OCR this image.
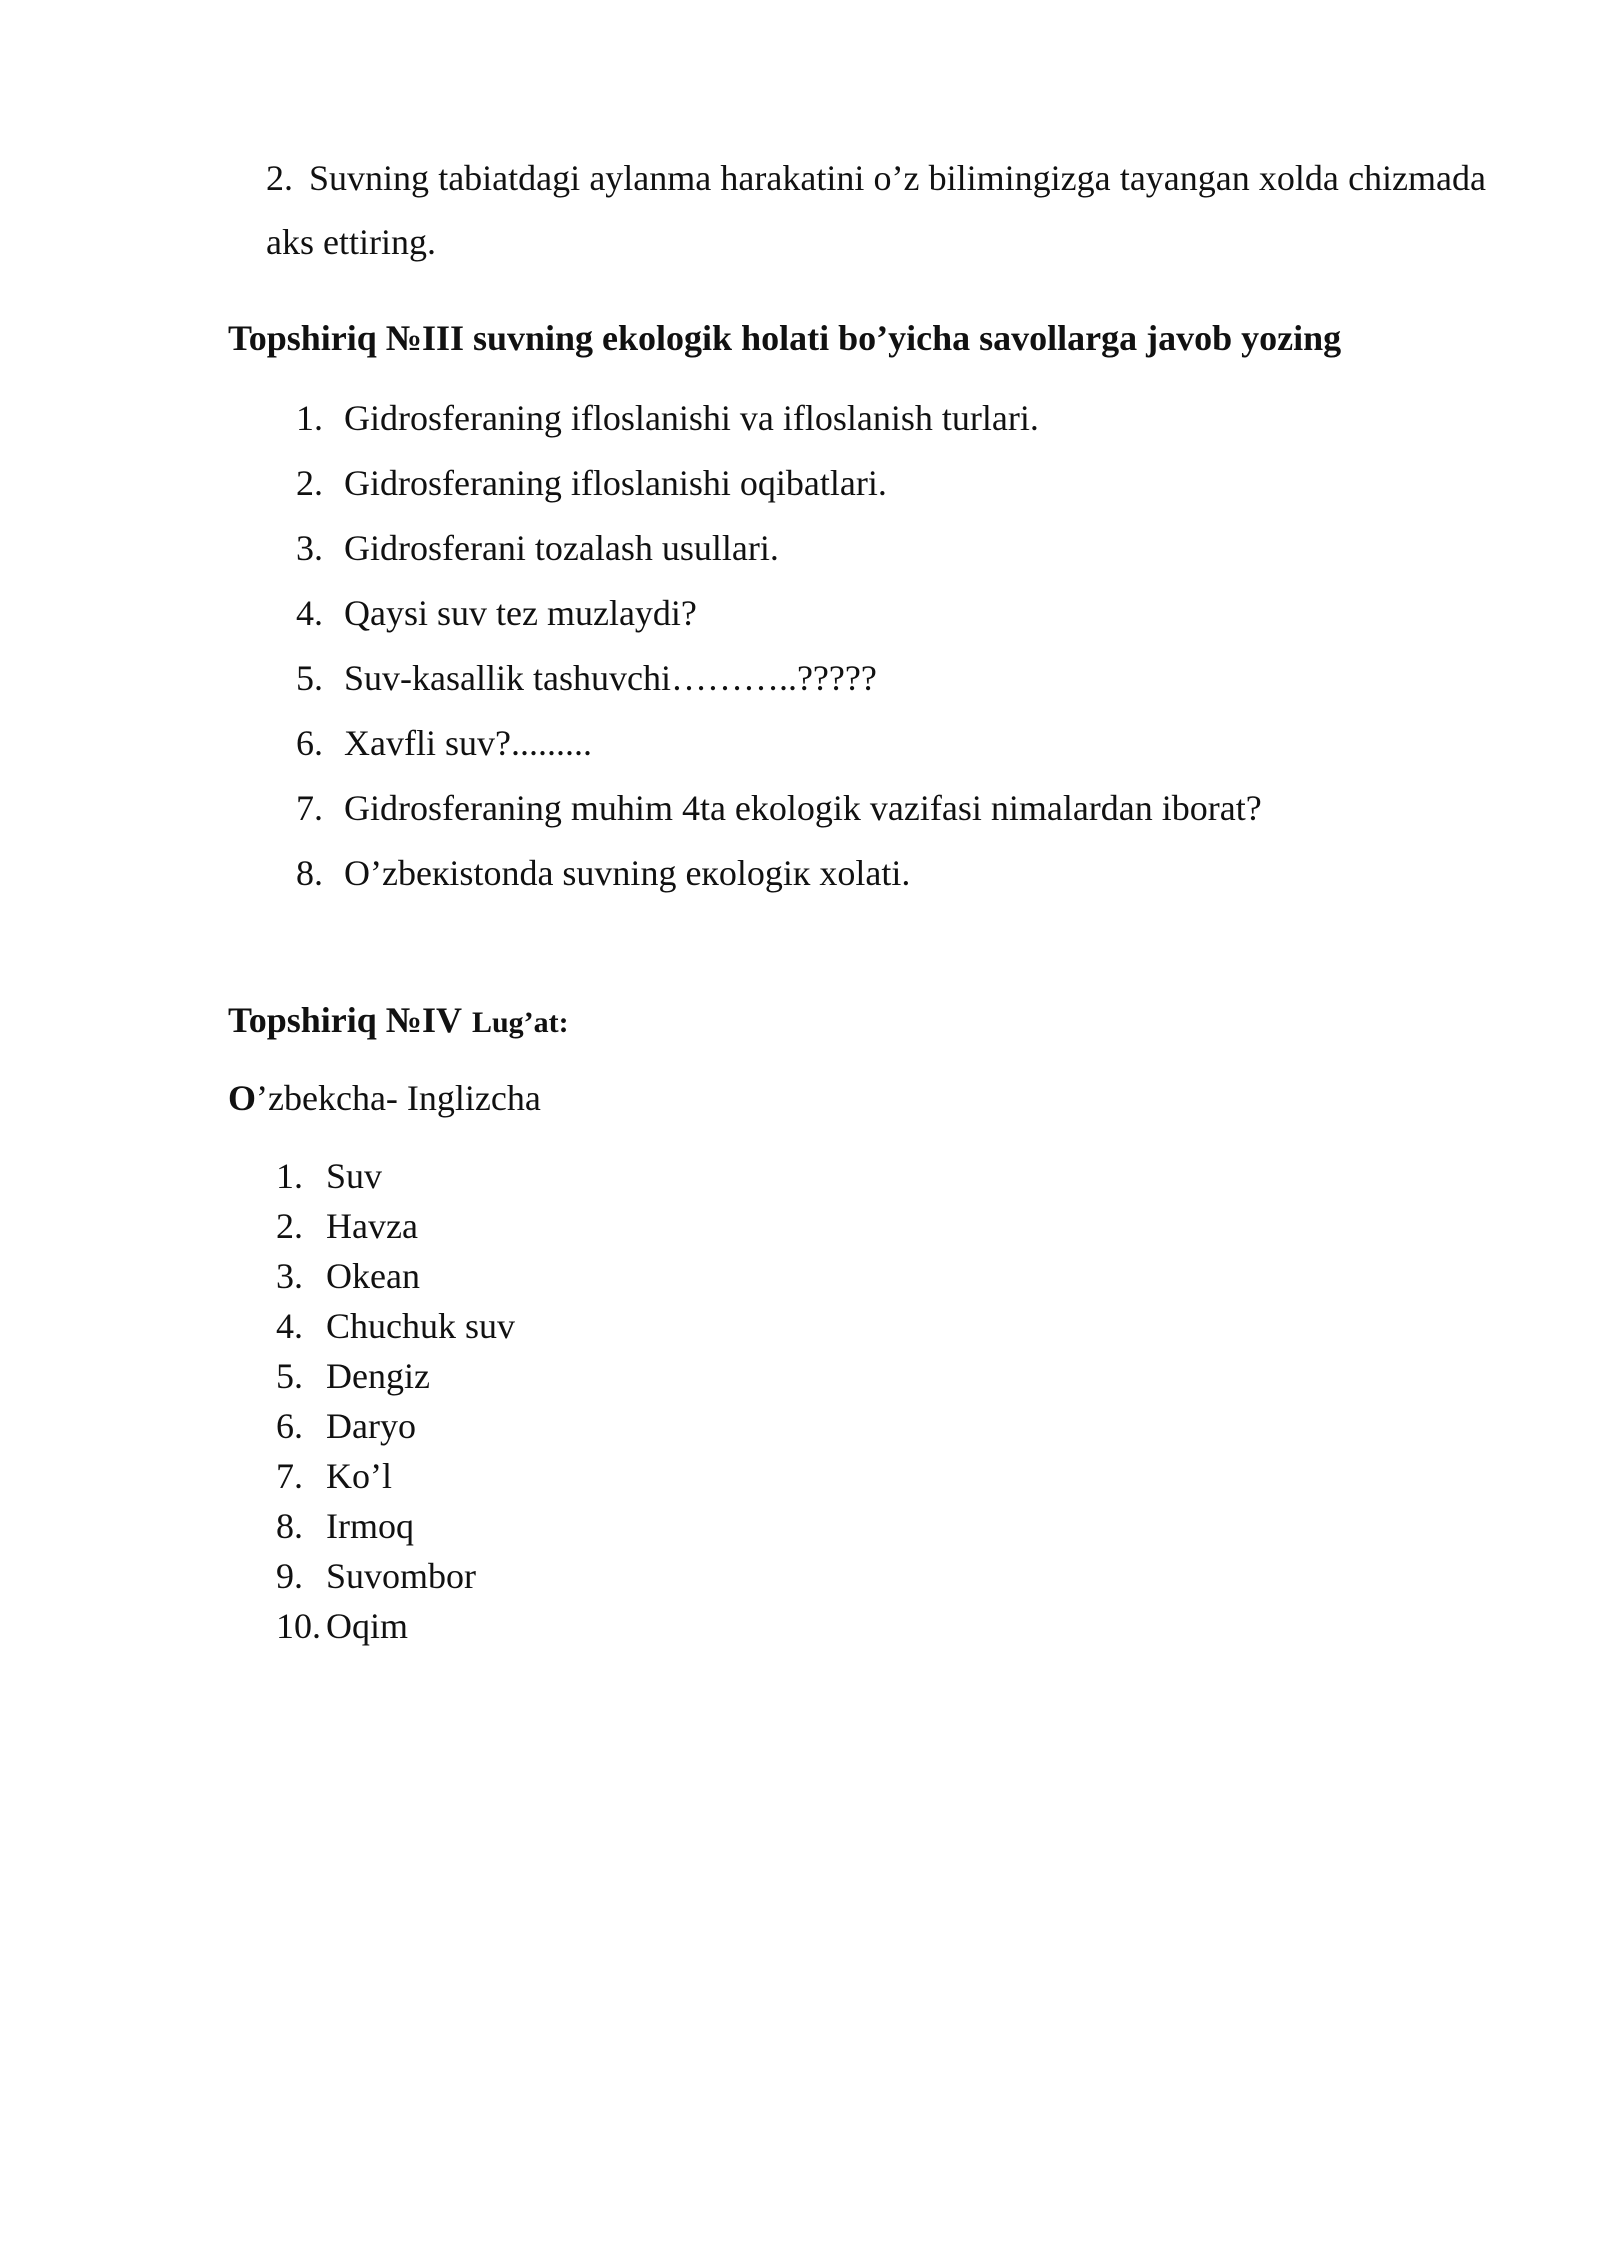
2. Suvning tabiatdagi aylanma harakatini o’z bilimingizga tayangan xolda chizmada aks ettiring.

Topshiriq №III suvning ekologik holati bo’yicha savollarga javob yozing
1. Gidrosferaning ifloslanishi va ifloslanish turlari.
2. Gidrosferaning ifloslanishi oqibatlari.
3. Gidrosferani tozalash usullari.
4. Qaysi suv tez muzlaydi?
5. Suv-kasallik tashuvchi………..?????
6. Xavfli suv?.........
7. Gidrosferaning muhim 4ta ekologik vazifasi nimalardan iborat?
8. O’zbeкistonda suvning eкologiк xolati.
Topshiriq №IV Lug’at:
O’zbekcha- Inglizcha
1. Suv
2. Havza
3. Okean
4. Chuchuk suv
5. Dengiz
6. Daryo
7. Ko’l
8. Irmoq
9. Suvombor
10. Oqim
